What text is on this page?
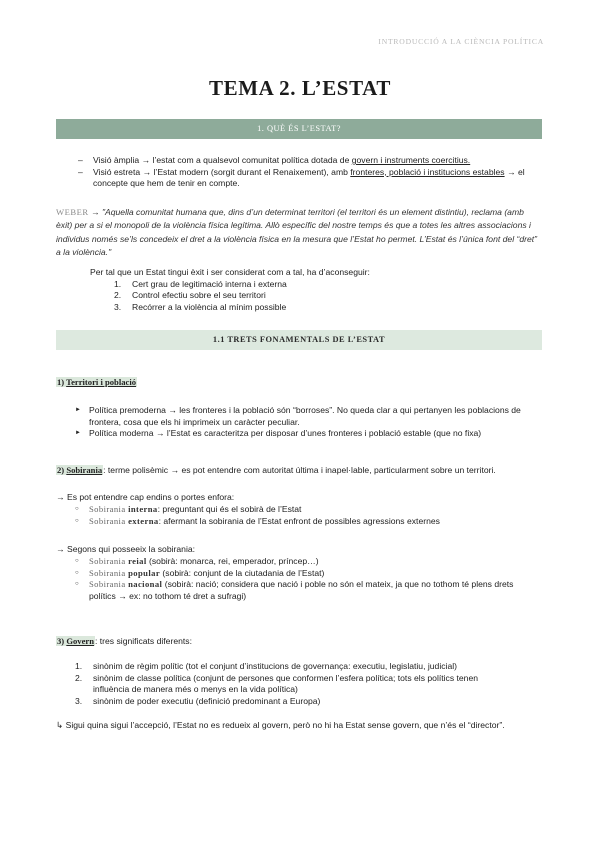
INTRODUCCIÓ A LA CIÈNCIA POLÍTICA
TEMA 2. L’ESTAT
1. QUÈ ÉS L’ESTAT?
– Visió àmplia → l’estat com a qualsevol comunitat política dotada de govern i instruments coercitius.
– Visió estreta → l’Estat modern (sorgit durant el Renaixement), amb fronteres, població i institucions estables → el concepte que hem de tenir en compte.
WEBER → "Aquella comunitat humana que, dins d’un determinat territori (el territori és un element distintiu), reclama (amb èxit) per a si el monopoli de la violència física legítima. Allò específic del nostre temps és que a totes les altres associacions i individus només se’ls concedeix el dret a la violència física en la mesura que l’Estat ho permet. L’Estat és l’única font del “dret” a la violència."
Per tal que un Estat tingui èxit i ser considerat com a tal, ha d’aconseguir:
1. Cert grau de legitimació interna i externa
2. Control efectiu sobre el seu territori
3. Recórrer a la violència al mínim possible
1.1 TRETS FONAMENTALS DE L’ESTAT
1) Territori i població
► Política premoderna → les fronteres i la població són “borroses”. No queda clar a qui pertanyen les poblacions de frontera, cosa que els hi imprimeix un caràcter peculiar.
► Política moderna → l’Estat es caracteritza per disposar d’unes fronteres i població estable (que no fixa)
2) Sobirania: terme polisèmic → es pot entendre com autoritat última i inapel·lable, particularment sobre un territori.
→ Es pot entendre cap endins o portes enfora:
○ Sobirania interna: preguntant qui és el sobirà de l’Estat
○ Sobirania externa: afermant la sobirania de l’Estat enfront de possibles agressions externes
→ Segons qui posseeix la sobirania:
○ Sobirania reial (sobirà: monarca, rei, emperador, príncep…)
○ Sobirania popular (sobirà: conjunt de la ciutadania de l’Estat)
○ Sobirania nacional (sobirà: nació; considera que nació i poble no són el mateix, ja que no tothom té plens drets polítics → ex: no tothom té dret a sufragi)
3) Govern: tres significats diferents:
1. sinònim de règim polític (tot el conjunt d’institucions de governança: executiu, legislatiu, judicial)
2. sinònim de classe política (conjunt de persones que conformen l’esfera política; tots els polítics tenen influència de manera més o menys en la vida política)
3. sinònim de poder executiu (definició predominant a Europa)
↳ Sigui quina sigui l’accepció, l’Estat no es redueix al govern, però no hi ha Estat sense govern, que n’és el “director”.
